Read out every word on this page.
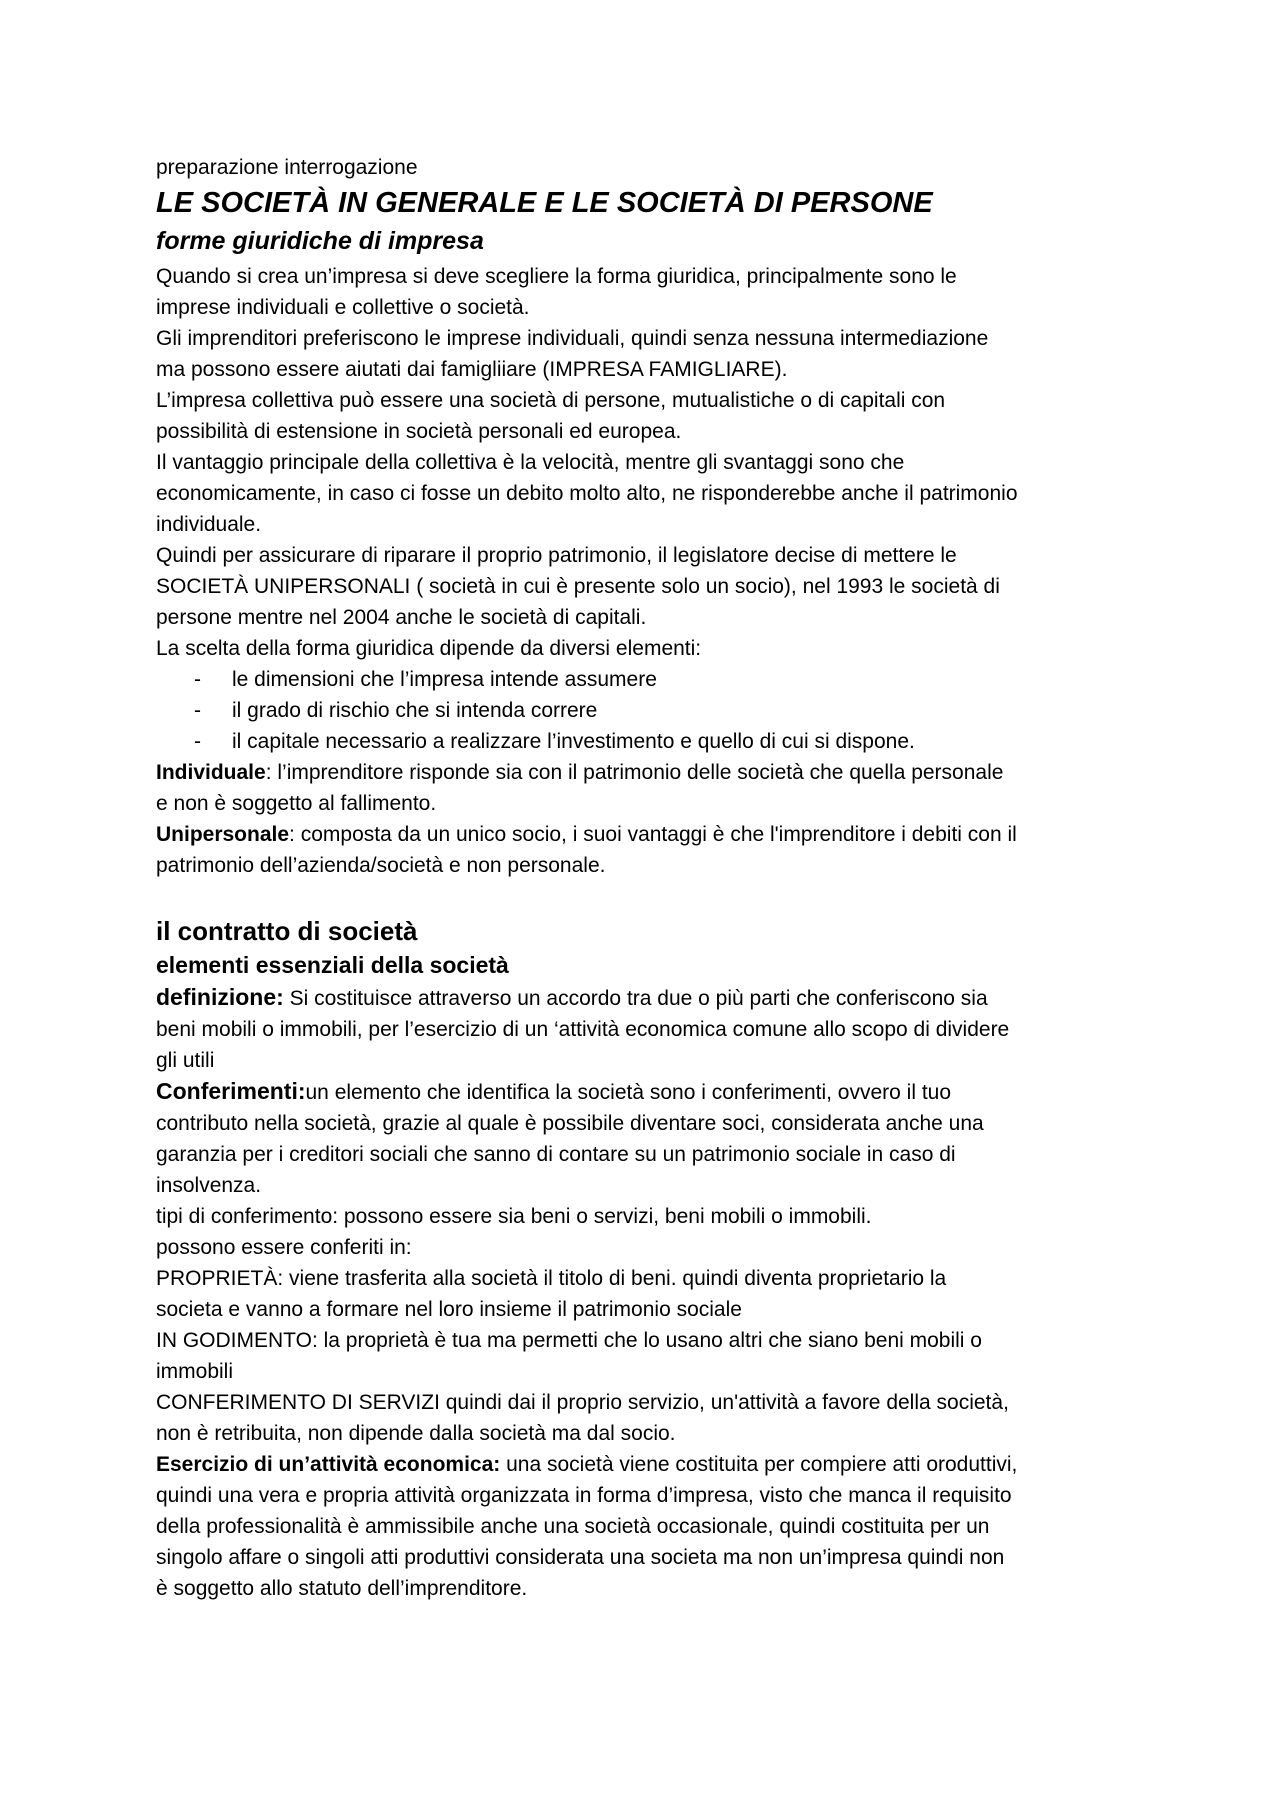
preparazione interrogazione

LE SOCIETÀ IN GENERALE E LE SOCIETÀ DI PERSONE
forme giuridiche di impresa

Quando si crea un’impresa si deve scegliere la forma giuridica, principalmente sono le

imprese individuali e collettive o società.

Gli imprenditori preferiscono le imprese individuali, quindi senza nessuna intermediazione

ma possono essere aiutati dai famigliiare (IMPRESA FAMIGLIARE).

L’impresa collettiva può essere una società di persone, mutualistiche o di capitali con

possibilità di estensione in società personali ed europea.

Il vantaggio principale della collettiva è la velocità, mentre gli svantaggi sono che

economicamente, in caso ci fosse un debito molto alto, ne risponderebbe anche il patrimonio

individuale.

Quindi per assicurare di riparare il proprio patrimonio, il legislatore decise di mettere le

SOCIETÀ UNIPERSONALI ( società in cui è presente solo un socio), nel 1993 le società di

persone mentre nel 2004 anche le società di capitali.

La scelta della forma giuridica dipende da diversi elementi:

- le dimensioni che l’impresa intende assumere
- il grado di rischio che si intenda correre
- il capitale necessario a realizzare l’investimento e quello di cui si dispone.

Individuale: l’imprenditore risponde sia con il patrimonio delle società che quella personale

e non è soggetto al fallimento.

Unipersonale: composta da un unico socio, i suoi vantaggi è che l'imprenditore i debiti con il

patrimonio dell’azienda/società e non personale.

il contratto di società
elementi essenziali della società

definizione: Si costituisce attraverso un accordo tra due o più parti che conferiscono sia

beni mobili o immobili, per l’esercizio di un ‘attività economica comune allo scopo di dividere

gli utili

Conferimenti:un elemento che identifica la società sono i conferimenti, ovvero il tuo

contributo nella società, grazie al quale è possibile diventare soci, considerata anche una

garanzia per i creditori sociali che sanno di contare su un patrimonio sociale in caso di

insolvenza.

tipi di conferimento: possono essere sia beni o servizi, beni mobili o immobili.

possono essere conferiti in:

PROPRIETÀ: viene trasferita alla società il titolo di beni. quindi diventa proprietario la

societa e vanno a formare nel loro insieme il patrimonio sociale

IN GODIMENTO: la proprietà è tua ma permetti che lo usano altri che siano beni mobili o

immobili

CONFERIMENTO DI SERVIZI quindi dai il proprio servizio, un'attività a favore della società,

non è retribuita, non dipende dalla società ma dal socio.

Esercizio di un’attività economica: una società viene costituita per compiere atti oroduttivi,

quindi una vera e propria attività organizzata in forma d’impresa, visto che manca il requisito

della professionalità è ammissibile anche una società occasionale, quindi costituita per un

singolo affare o singoli atti produttivi considerata una societa ma non un’impresa quindi non

è soggetto allo statuto dell’imprenditore.
